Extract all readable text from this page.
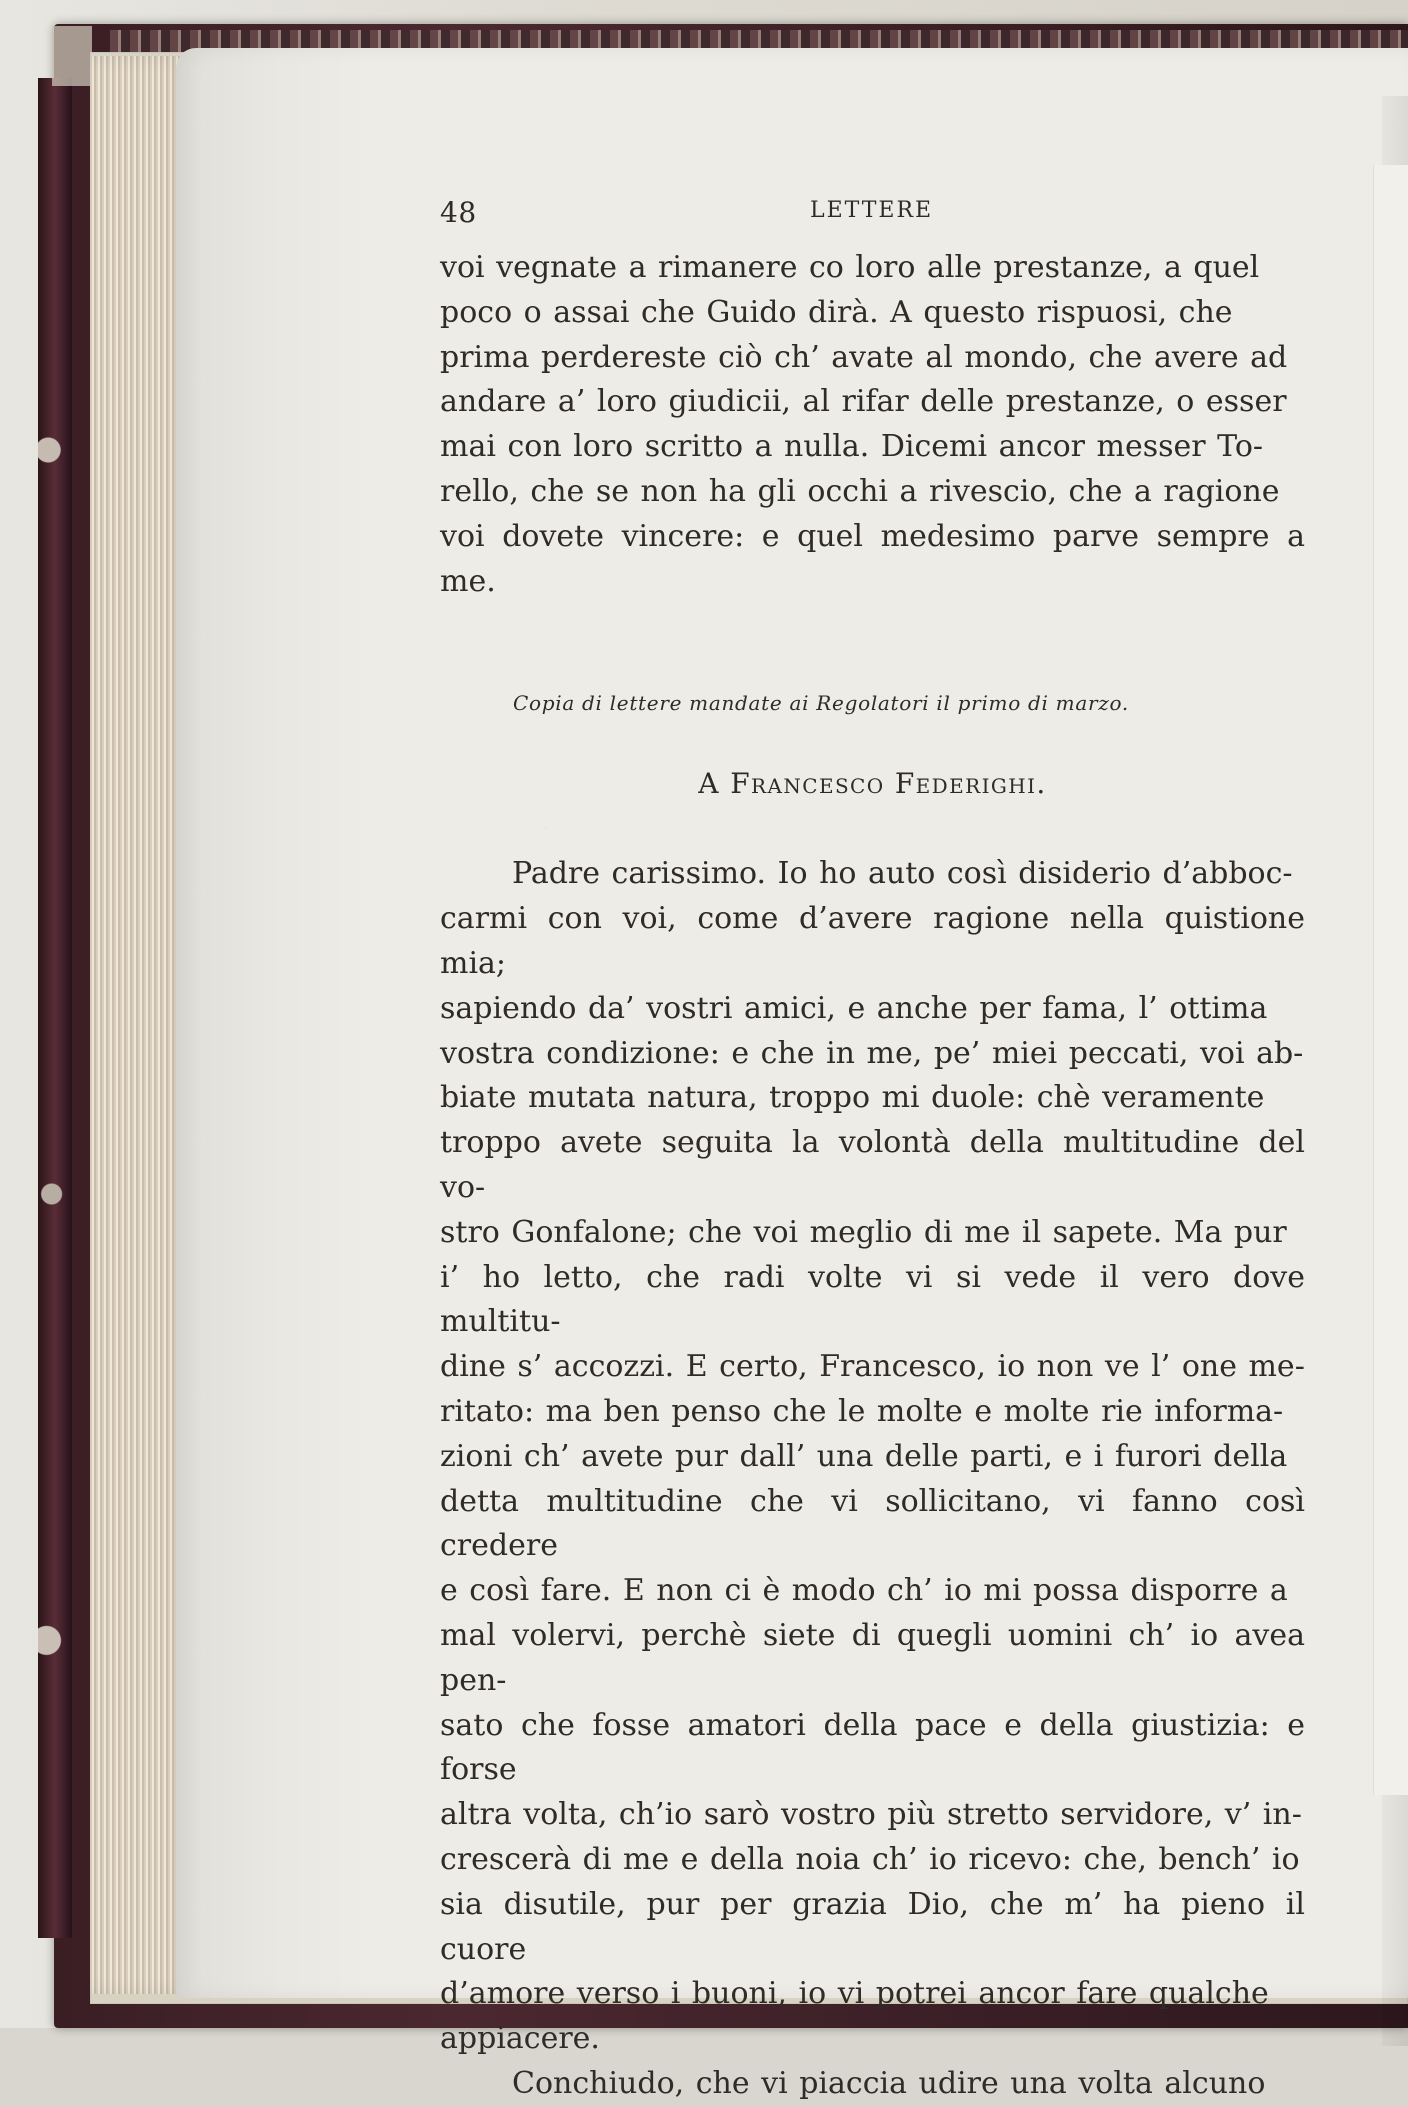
48	LETTERE
voi vegnate a rimanere co loro alle prestanze, a quel
poco o assai che Guido dirà. A questo rispuosi, che
prima perdereste ciò ch’ avate al mondo, che avere ad
andare a’ loro giudicii, al rifar delle prestanze, o esser
mai con loro scritto a nulla. Dicemi ancor messer To-
rello, che se non ha gli occhi a rivescio, che a ragione
voi dovete vincere: e quel medesimo parve sempre a me.
Copia di lettere mandate ai Regolatori il primo di marzo.
A Francesco Federighi.

Padre carissimo. Io ho auto così disiderio d’abboc-
carmi con voi, come d’avere ragione nella quistione mia;
sapiendo da’ vostri amici, e anche per fama, l’ ottima
vostra condizione: e che in me, pe’ miei peccati, voi ab-
biate mutata natura, troppo mi duole: chè veramente
troppo avete seguita la volontà della multitudine del vo-
stro Gonfalone; che voi meglio di me il sapete. Ma pur
i’ ho letto, che radi volte vi si vede il vero dove multitu-
dine s’ accozzi. E certo, Francesco, io non ve l’ one me-
ritato: ma ben penso che le molte e molte rie informa-
zioni ch’ avete pur dall’ una delle parti, e i furori della
detta multitudine che vi sollicitano, vi fanno così credere
e così fare. E non ci è modo ch’ io mi possa disporre a
mal volervi, perchè siete di quegli uomini ch’ io avea pen-
sato che fosse amatori della pace e della giustizia: e forse
altra volta, ch’io sarò vostro più stretto servidore, v’ in-
crescerà di me e della noia ch’ io ricevo: che, bench’ io
sia disutile, pur per grazia Dio, che m’ ha pieno il cuore
d’amore verso i buoni, io vi potrei ancor fare qualche
appiacere.

Conchiudo, che vi piaccia udire una volta alcuno
